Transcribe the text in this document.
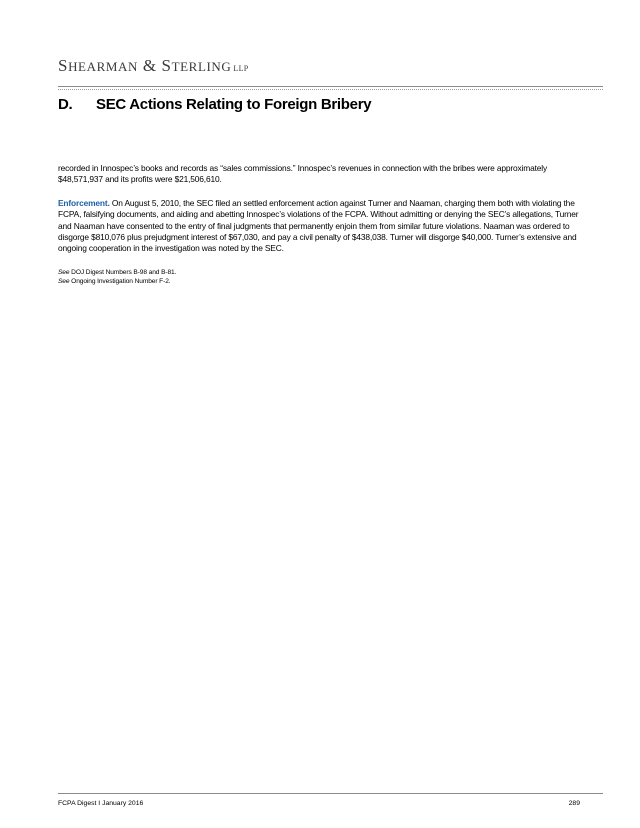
SHEARMAN & STERLING LLP
D. SEC Actions Relating to Foreign Bribery
recorded in Innospec’s books and records as “sales commissions.” Innospec’s revenues in connection with the bribes were approximately $48,571,937 and its profits were $21,506,610.
Enforcement. On August 5, 2010, the SEC filed an settled enforcement action against Turner and Naaman, charging them both with violating the FCPA, falsifying documents, and aiding and abetting Innospec’s violations of the FCPA. Without admitting or denying the SEC’s allegations, Turner and Naaman have consented to the entry of final judgments that permanently enjoin them from similar future violations. Naaman was ordered to disgorge $810,076 plus prejudgment interest of $67,030, and pay a civil penalty of $438,038. Turner will disgorge $40,000. Turner’s extensive and ongoing cooperation in the investigation was noted by the SEC.
See DOJ Digest Numbers B-98 and B-81.
See Ongoing Investigation Number F-2.
FCPA Digest I January 2016	289
